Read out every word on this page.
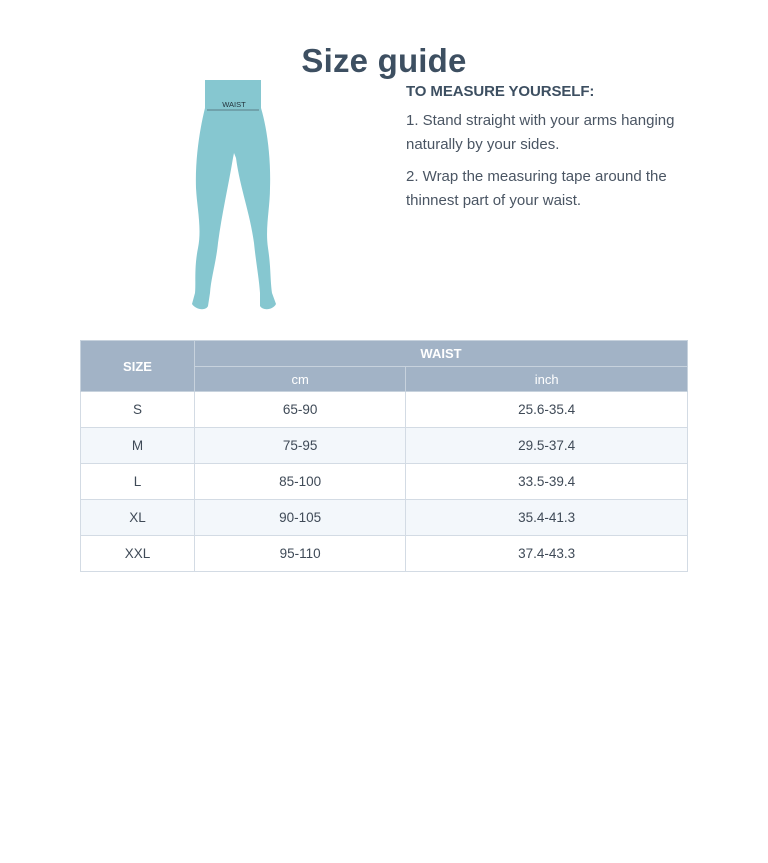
Size guide
WAIST
TO MEASURE YOURSELF:

1. Stand straight with your arms hanging naturally by your sides.

2. Wrap the measuring tape around the thinnest part of your waist.

SIZE	WAIST	
	cm	inch
S	65-90	25.6-35.4
M	75-95	29.5-37.4
L	85-100	33.5-39.4
XL	90-105	35.4-41.3
XXL	95-110	37.4-43.3
